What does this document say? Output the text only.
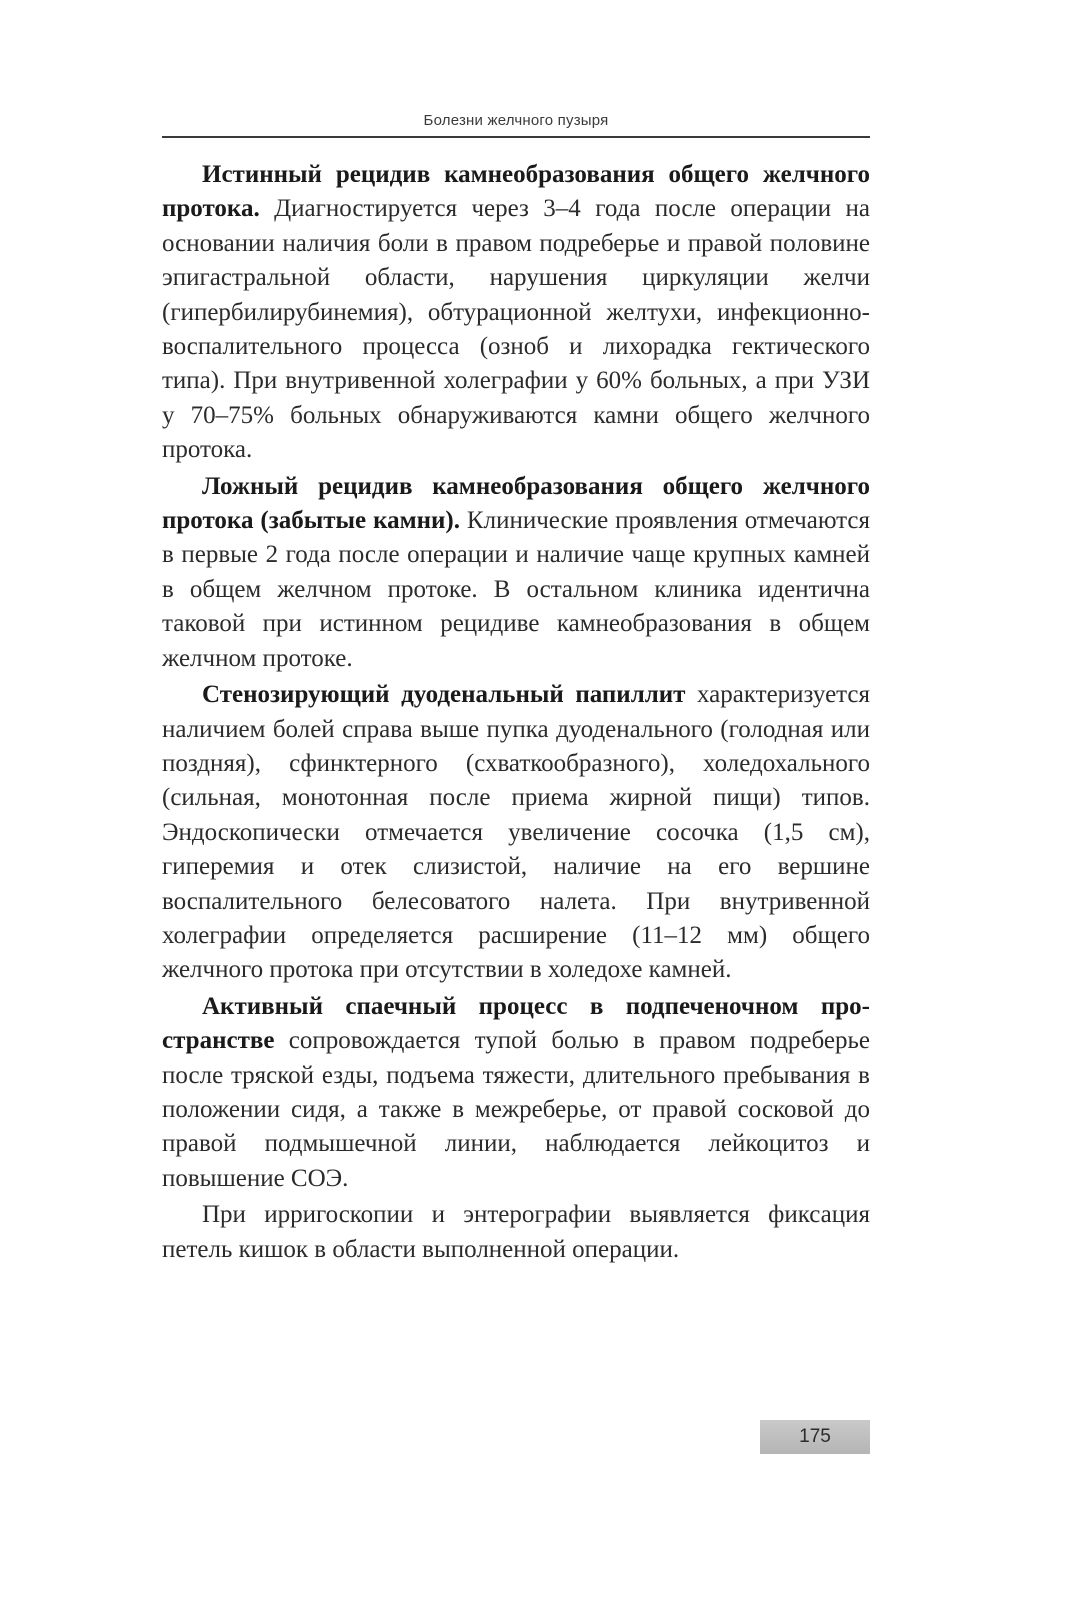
Болезни желчного пузыря

Истинный рецидив камнеобразования общего желчного протока. Диагностируется через 3–4 года после операции на основании наличия боли в правом подреберье и правой половине эпигастральной области, нарушения циркуляции желчи (гипербилирубинемия), обтурационной желтухи, инфекционно-воспалительного процесса (озноб и лихорадка гектического типа). При внутривенной холеграфии у 60% больных, а при УЗИ у 70–75% больных обнаруживаются камни общего желчного протока.

Ложный рецидив камнеобразования общего желчного протока (забытые камни). Клинические проявления отмечаются в первые 2 года после операции и наличие чаще крупных камней в общем желчном протоке. В остальном клиника идентична таковой при истинном рецидиве камнеобразования в общем желчном протоке.

Стенозирующий дуоденальный папиллит характеризуется наличием болей справа выше пупка дуоденального (голодная или поздняя), сфинктерного (схваткообразного), холедохального (сильная, монотонная после приема жирной пищи) типов. Эндоскопически отмечается увеличение сосочка (1,5 см), гиперемия и отек слизистой, наличие на его вершине воспалительного белесоватого налета. При внутривенной холеграфии определяется расширение (11–12 мм) общего желчного протока при отсутствии в холедохе камней.

Активный спаечный процесс в подпеченочном пространстве сопровождается тупой болью в правом подреберье после тряской езды, подъема тяжести, длительного пребывания в положении сидя, а также в межреберье, от правой сосковой до правой подмышечной линии, наблюдается лейкоцитоз и повышение СОЭ.

При ирригоскопии и энтерографии выявляется фиксация петель кишок в области выполненной операции.

175
